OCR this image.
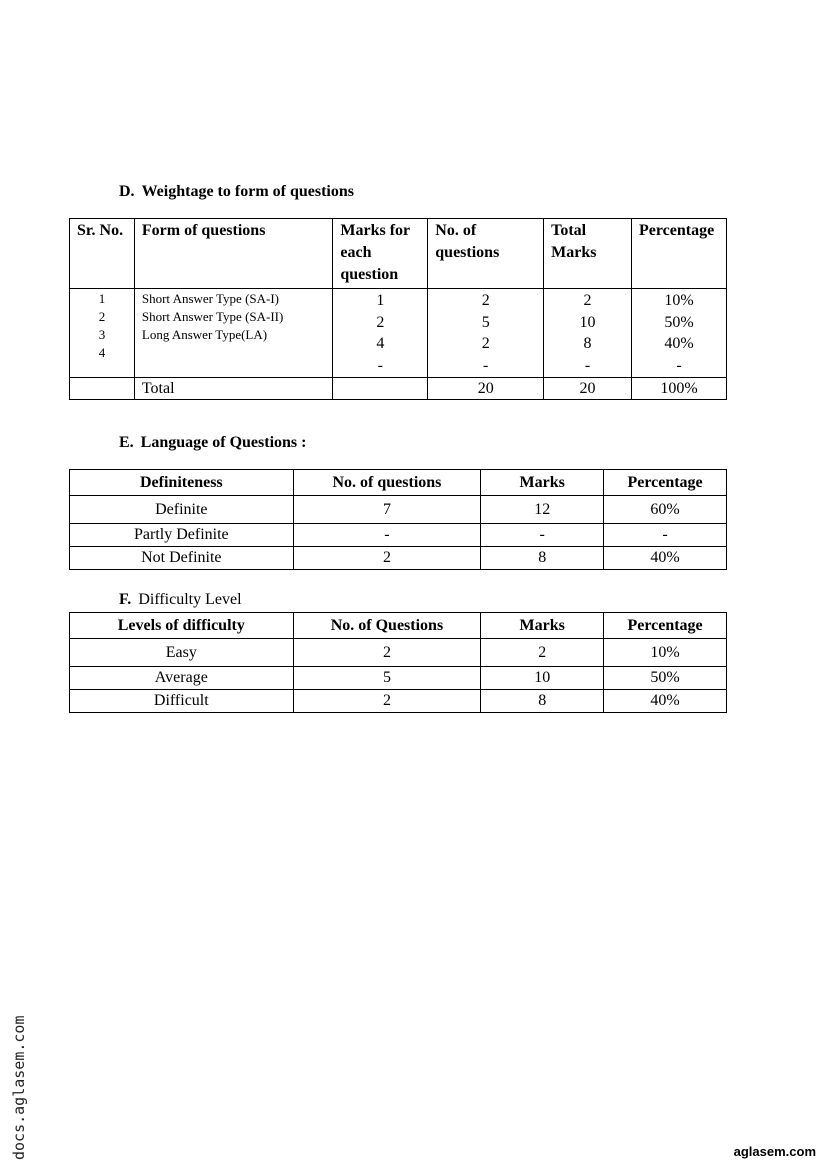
D. Weightage to form of questions
Sr. No.	Form of questions	Marks for
each
question	No. of
questions	Total
Marks	Percentage

1
2
3
4	Short Answer Type (SA-I)
Short Answer Type (SA-II)
Long Answer Type(LA)	1
2
4
-	2
5
2
-	2
10
8
-	10%
50%
40%
-

	Total		20	20	100%
E. Language of Questions :
Definiteness	No. of questions	Marks	Percentage
Definite	7	12	60%
Partly Definite	-	-	-
Not Definite	2	8	40%
F. Difficulty Level
Levels of difficulty	No. of Questions	Marks	Percentage
Easy	2	2	10%
Average	5	10	50%
Difficult	2	8	40%
docs.aglasem.com	aglasem.com
